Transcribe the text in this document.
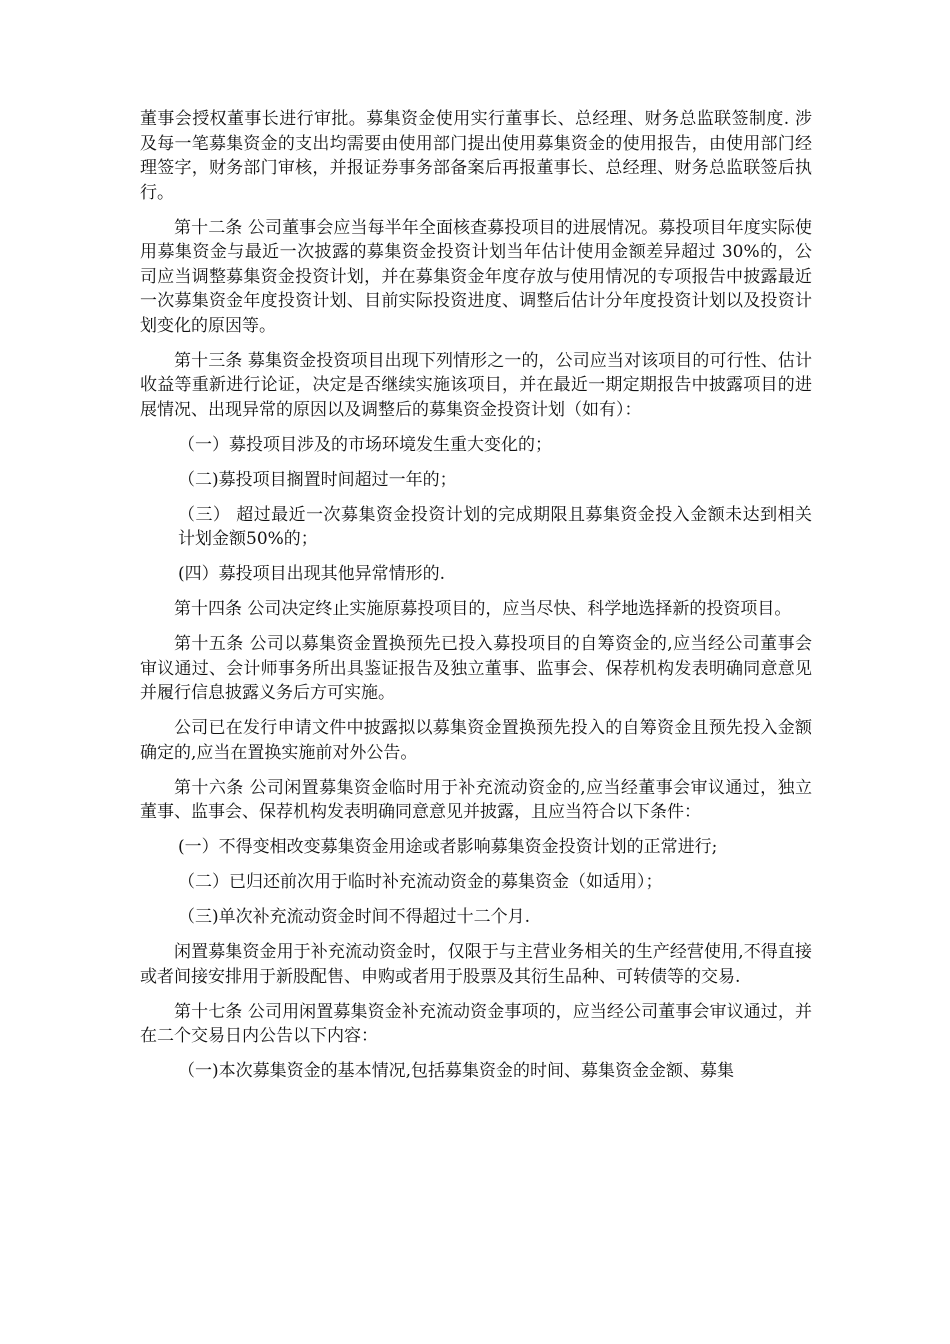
董事会授权董事长进行审批。募集资金使用实行董事长、总经理、财务总监联签制度. 涉及每一笔募集资金的支出均需要由使用部门提出使用募集资金的使用报告，由使用部门经理签字，财务部门审核，并报证券事务部备案后再报董事长、总经理、财务总监联签后执行。

第十二条 公司董事会应当每半年全面核查募投项目的进展情况。募投项目年度实际使用募集资金与最近一次披露的募集资金投资计划当年估计使用金额差异超过 30%的，公司应当调整募集资金投资计划，并在募集资金年度存放与使用情况的专项报告中披露最近一次募集资金年度投资计划、目前实际投资进度、调整后估计分年度投资计划以及投资计划变化的原因等。

第十三条 募集资金投资项目出现下列情形之一的，公司应当对该项目的可行性、估计收益等重新进行论证，决定是否继续实施该项目，并在最近一期定期报告中披露项目的进展情况、出现异常的原因以及调整后的募集资金投资计划（如有）：

（一）募投项目涉及的市场环境发生重大变化的；

（二)募投项目搁置时间超过一年的；

（三） 超过最近一次募集资金投资计划的完成期限且募集资金投入金额未达到相关计划金额50%的；

(四）募投项目出现其他异常情形的.

第十四条 公司决定终止实施原募投项目的，应当尽快、科学地选择新的投资项目。

第十五条 公司以募集资金置换预先已投入募投项目的自筹资金的,应当经公司董事会审议通过、会计师事务所出具鉴证报告及独立董事、监事会、保荐机构发表明确同意意见并履行信息披露义务后方可实施。

公司已在发行申请文件中披露拟以募集资金置换预先投入的自筹资金且预先投入金额确定的,应当在置换实施前对外公告。

第十六条 公司闲置募集资金临时用于补充流动资金的,应当经董事会审议通过，独立董事、监事会、保荐机构发表明确同意意见并披露，且应当符合以下条件：

(一）不得变相改变募集资金用途或者影响募集资金投资计划的正常进行;

（二）已归还前次用于临时补充流动资金的募集资金（如适用）；

（三)单次补充流动资金时间不得超过十二个月.

闲置募集资金用于补充流动资金时，仅限于与主营业务相关的生产经营使用,不得直接或者间接安排用于新股配售、申购或者用于股票及其衍生品种、可转债等的交易.

第十七条 公司用闲置募集资金补充流动资金事项的，应当经公司董事会审议通过，并在二个交易日内公告以下内容：

（一)本次募集资金的基本情况,包括募集资金的时间、募集资金金额、募集
